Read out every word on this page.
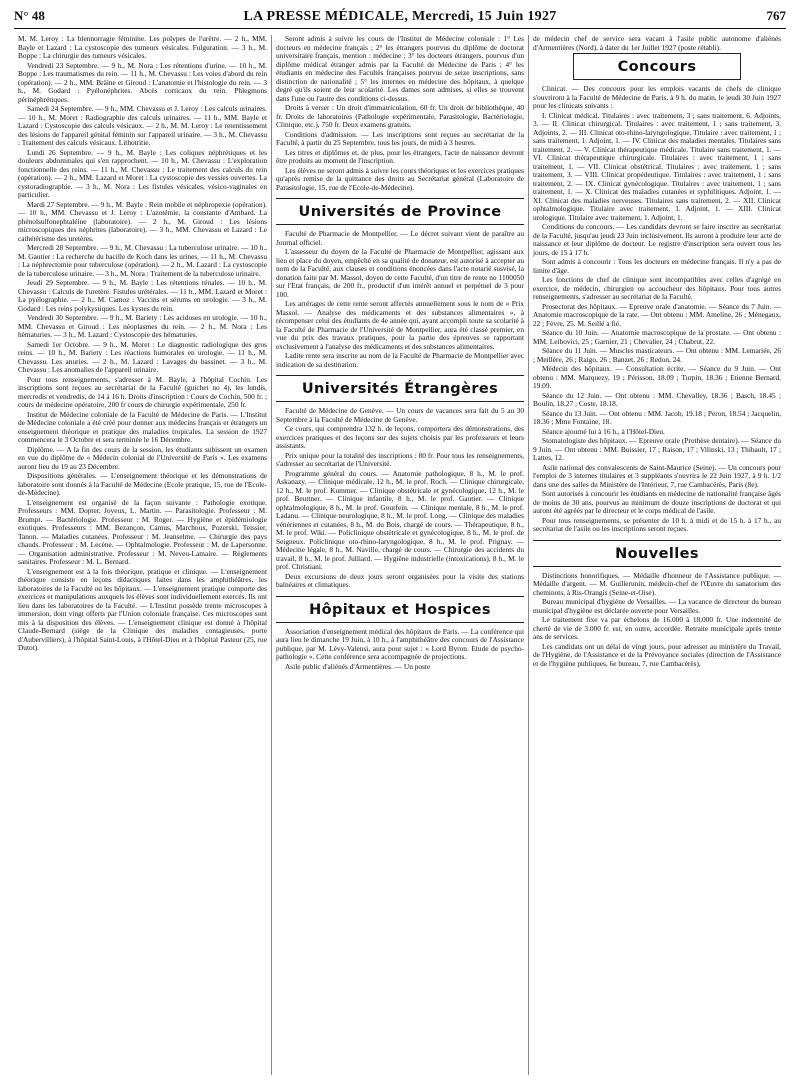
N° 48	LA PRESSE MÉDICALE, Mercredi, 15 Juin 1927	767

M. M. Leroy : La blennorragie féminine. Les polypes de l'urètre. — 2 h., MM. Bayle et Lazard : La cystoscopie des tumeurs vésicales. Fulguration. — 3 h., M. Boppe : La chirurgie des tumeurs vésicales.

Vendredi 23 Septembre. — 9 h., M. Nora : Les rétentions d'urine. — 10 h., M. Boppe : Les traumatismes du rein. — 11 h., M. Chevassu : Les voies d'abord du rein (opération). — 2 h., MM. Bräine et Giroud : L'anatomie et l'histologie du rein. — 3 h., M. Godard : Pyélonéphrites. Abcès corticaux du rein. Phlegmons périnéphrétiques.

Samedi 24 Septembre. — 9 h., MM. Chevassu et J. Leroy : Les calculs urinaires. — 10 h., M. Moret : Radiographie des calculs urinaires. — 11 h., MM. Bayle et Lazard : Cystoscopie des calculs vésicaux. — 2 h., M. M. Leroy : Le retentissement des lésions de l'appareil génital féminin sur l'appareil urinaire. — 3 h., M. Chevassu : Traitement des calculs vésicaux. Lithotritie.

Lundi 26 Septembre. — 9 h., M. Bayle : Les coliques néphrétiques et les douleurs abdominales qui s'en rapprochent. — 10 h., M. Chevassu : L'exploration fonctionnelle des reins. — 11 h., M. Chevassu : Le traitement des calculs du rein (opération). — 2 h., MM. Lazard et Moret : La cystoscopie des vessies ouvertes. La cystoradiographie. — 3 h., M. Nora : Les fistules vésicales, vésico-vaginales en particulier.

Mardi 27 Septembre. — 9 h., M. Bayle : Rein mobile et néphropexie (opération). — 10 h., MM. Chevassu et J. Leroy : L'azotémie, la constante d'Ambard. La phénolsulfonephtaléine (laboratoire). — 2 h., M. Giroud : Les lésions microscopiques des néphrites (laboratoire). — 3 h., MM. Chevassu et Lazard : Le cathétérisme des uretères.

Mercredi 28 Septembre. — 9 h., M. Chevassu : La tuberculose urinaire. — 10 h., M. Gautier : La recherche du bacille de Koch dans les urines. — 11 h., M. Chevassu : La néphrectomie pour tuberculose (opération). — 2 h., M. Lazard : La cystoscopie de la tuberculose urinaire. — 3 h., M. Nora : Traitement de la tuberculose urinaire.

Jeudi 29 Septembre. — 9 h., M. Bayle : Les rétentions rénales. — 10 h., M. Chevassu : Calculs de l'uretère. Fistules urétérales. — 11 h., MM. Lazard et Moret : La pyélographie. — 2 h., M. Camoz : Vaccins et sérums en urologie. — 3 h., M. Godard : Les reins polykystiques. Les kystes du rein.

Vendredi 30 Septembre. — 9 h., M. Bariety : Les acidoses en urologie. — 10 h., MM. Chevassu et Giroud : Les néoplasmes du rein. — 2 h., M. Nora : Les hématuries. — 3 h., M. Lazard : Cystoscopie des hématuries.

Samedi 1er Octobre. — 9 h., M. Moret : Le diagnostic radiologique des gros reins. — 10 h., M. Bariety : Les réactions humorales en urologie. — 11 h., M. Chevassu. Les anuries. — 2 h., M. Lazard : Lavages du bassinet. — 3 h., M. Chevassu : Les anomalies de l'appareil urinaire.

Pour tous renseignements, s'adresser à M. Bayle, à l'hôpital Cochin. Les inscriptions sont reçues au secrétariat de la Faculté (guichet no 4), les lundis, mercredis et vendredis, de 14 à 16 h. Droits d'inscription : Cours de Cochin, 500 fr. ; cours de médecine opératoire, 200 fr cours de chirurgie expérimentale, 250 fr.

Institut de Médecine coloniale de la Faculté de Médecine de Paris. — L'Institut de Médecine coloniale a été créé pour donner aux médecins français et étrangers un enseignement théorique et pratique des maladies tropicales. La session de 1927 commencera le 3 Octobre et sera terminée le 16 Décembre.

Diplôme. — A la fin des cours de la session, les étudiants subissent un examen en vue du diplôme de « Médecin colonial de l'Université de Paris ». Les examens auront lieu du 19 au 23 Décembre.

Dispositions générales. — L'enseignement théorique et les démonstrations de laboratoire sont donnés à la Faculté de Médecine (Ecole pratique, 15, rue de l'Ecole-de-Médecine).

L'enseignement est organisé de la façon suivante : Pathologie exotique. Professeurs : MM. Dopter, Joyeux, L. Martin. — Parasitologie. Professeur : M. Brumpt. — Bactériologie. Professeur : M. Roger. — Hygiène et épidémiologie exotiques. Professeurs : MM. Bezançon, Camus, Marchoux, Pozerski, Teissier, Tanon. — Maladies cutanées. Professeur : M. Jeanselme. — Chirurgie des pays chauds. Professeur : M. Lecène. — Ophtalmologie. Professeur : M. de Lapersonne. — Organisation administrative. Professeur : M. Neveu-Lamaire. — Règlements sanitaires. Professeur : M. L. Bernard.

L'enseignement est à la fois théorique, pratique et clinique. — L'enseignement théorique consiste en leçons didactiques faites dans les amphithéâtres, les laboratoires de la Faculté ou les hôpitaux. — L'enseignement pratique comporte des exercices et manipulations auxquels les élèves sont individuellement exercés. Ils ont lieu dans les laboratoires de la Faculté. — L'Institut possède trente microscopes à immersion, dont vingt offerts par l'Union coloniale française. Ces microscopes sont mis à la disposition des élèves. — L'enseignement clinique est donné à l'hôpital Claude-Bernard (siège de la Clinique des maladies contagieuses, porte d'Aubervilliers), à l'hôpital Saint-Louis, à l'Hôtel-Dieu et à l'hôpital Pasteur (25, rue Dutot).

Seront admis à suivre les cours de l'Institut de Médecine coloniale : 1° Les docteurs en médecine français ; 2° les étrangers pourvus du diplôme de doctorat universitaire français, mention : médecine ; 3° les docteurs étrangers, pourvus d'un diplôme médical étranger admis par la Faculté de Médecine de Paris ; 4° les étudiants en médecine des Facultés françaises pourvus de seize inscriptions, sans distinction de nationalité ; 5° les internes en médecine des hôpitaux, à quelque degré qu'ils soient de leur scolarité. Les dames sont admises, si elles se trouvent dans l'une ou l'autre des conditions ci-dessus.

Droits à verser : Un droit d'immatriculation, 60 fr. Un droit de bibliothèque, 40 fr. Droits de laboratoires (Pathologie expérimentale, Parasitologie, Bactériologie, Clinique, etc.), 750 fr. Deux examens gratuits.

Conditions d'admission. — Les inscriptions sont reçues au secrétariat de la Faculté, à partir du 25 Septembre, tous les jours, de midi à 3 heures.

Les titres et diplômes et, de plus, pour les étrangers, l'acte de naissance devront être produits au moment de l'inscription.

Les élèves ne seront admis à suivre les cours théoriques et les exercices pratiques qu'après remise de la quittance des droits au Secrétariat général (Laboratoire de Parasitologie, 15, rue de l'Ecole-de-Médecine).

Universités de Province

Faculté de Pharmacie de Montpellier. — Le décret suivant vient de paraître au Journal officiel.

L'assesseur du doyen de la Faculté de Pharmacie de Montpellier, agissant aux lieu et place du doyen, empêché en sa qualité de donateur, est autorisé à accepter au nom de la Faculté, aux clauses et conditions énoncées dans l'acte notarié susvisé, la donation faite par M. Massol, doyen de cette Faculté, d'un titre de rente no 1100050 sur l'Etat français, de 200 fr., productif d'un intérêt annuel et perpétuel de 3 pour 100.

Les arrérages de cette rente seront affectés annuellement sous le nom de « Prix Massol. — Analyse des médicaments et des substances alimentaires », à récompenser celui des étudiants de 4e année qui, ayant accompli toute sa scolarité à la Faculté de Pharmacie de l'Université de Montpellier, aura été classé premier, en vue du prix des travaux pratiques, pour la partie des épreuves se rapportant exclusivement à l'analyse des médicaments et des substances alimentaires.

Ladite rente sera inscrite au nom de la Faculté de Pharmacie de Montpellier avec indication de sa destination.

Universités Étrangères

Faculté de Médecine de Genève. — Un cours de vacances sera fait du 5 au 30 Septembre à la Faculté de Médecine de Genève.

Ce cours, qui comprendra 132 h. de leçons, comportera des démonstrations, des exercices pratiques et des leçons sur des sujets choisis par les professeurs et leurs assistants.

Prix unique pour la totalité des inscriptions : 80 fr. Pour tous les renseignements, s'adresser au secrétariat de l'Université.

Programme général du cours. — Anatomie pathologique, 8 h., M. le prof. Askanazy. — Clinique médicale, 12 h., M. le prof. Roch. — Clinique chirurgicale, 12 h., M. le prof. Kummer. — Clinique obstétricale et gynécologique, 12 h., M. le prof. Beuttner. — Clinique infantile, 8 h., M. le prof. Gautier. — Clinique ophtalmologique, 8 h., M. le prof. Gourfein. — Clinique mentale, 8 h., M. le prof. Ladanu. — Clinique neurologique, 8 h., M. le prof. Long. — Clinique des maladies vénériennes et cutanées, 8 h., M. du Bois, chargé de cours. — Thérapeutique, 8 h., M. le prof. Wiki. — Policlinique obstétricale et gynécologique, 8 h., M. le prof. de Seigneux. Policlinique oto-rhino-laryngologique, 8 h., M. le prof. Prignay. — Médecine légale, 8 h., M. Naville, chargé de cours. — Chirurgie des accidents du travail, 8 h., M. le prof. Julliard. — Hygiène industrielle (intoxications), 8 h., M. le prof. Christiani.

Deux excursions de deux jours seront organisées pour la visite des stations balnéaires et climatiques.

Hôpitaux et Hospices

Association d'enseignement médical des hôpitaux de Paris. — La conférence qui aura lieu le dimanche 19 Juin, à 10 h., à l'amphithéâtre des concours de l'Assistance publique, par M. Lévy-Valensi, aura pour sujet : « Lord Byron. Etude de psycho-pathologie ». Cette conférence sera accompagnée de projections.

Asile public d'aliénés d'Armentières. — Un poste

de médecin chef de service sera vacant à l'asile public autonome d'aliénés d'Armentières (Nord), à dater du 1er Juillet 1927 (poste rétabli).

Concours

Clinicat. — Des concours pour les emplois vacants de chefs de clinique s'ouvriront à la Faculté de Médecine de Paris, à 9 h. du matin, le jeudi 30 Juin 1927 pour les clinicats suivants :

I. Clinicat médical. Titulaires : avec traitement, 3 ; sans traitement, 6. Adjoints, 3. — II. Clinicat chirurgical. Titulaires : avec traitement, 1 ; sans traitement, 3. Adjoints, 2. — III. Clinicat oto-rhino-laryngologique. Titulaire : avec traitement, 1 ; sans traitement, 1. Adjoint, 1. — IV. Clinicat des maladies mentales. Titulaires sans traitement, 2. — V. Clinicat thérapeutique médicale. Titulaire sans traitement, 1. — VI. Clinicat thérapeutique chirurgicale. Titulaires : avec traitement, 1 ; sans traitement, 1. — VII. Clinicat obstétrical. Titulaires : avec traitement, 1 ; sans traitement, 3. — VIII. Clinicat propédeutique. Titulaires : avec traitement, 1 ; sans traitement, 2. — IX. Clinicat gynécologique. Titulaires : avec traitement, 1 ; sans traitement, 1. — X. Clinicat des maladies cutanées et syphilitiques. Adjoint, 1. — XI. Clinicat des maladies nerveuses. Titulaires sans traitement, 2. — XII. Clinicat ophtalmologique. Titulaire avec traitement, 1. Adjoint, 1. — XIII. Clinicat urologique. Titulaire avec traitement, 1. Adjoint, 1.

Conditions du concours. — Les candidats devront se faire inscrire au secrétariat de la Faculté, jusqu'au jeudi 23 Juin inclusivement. Ils auront à produire leur acte de naissance et leur diplôme de docteur. Le registre d'inscription sera ouvert tous les jours, de 15 à 17 h.

Sont admis à concourir : Tous les docteurs en médecine français. Il n'y a pas de limite d'âge.

Les fonctions de chef de clinique sont incompatibles avec celles d'agrégé en exercice, de médecin, chirurgien ou accoucheur des hôpitaux. Pour tous autres renseignements, s'adresser au secrétariat de la Faculté.

Prosectorat des hôpitaux. — Epreuve orale d'anatomie. — Séance du 7 Juin. — Anatomie macroscopique de la rate. — Ont obtenu : MM. Ameline, 26 ; Ménegaux, 22 ; Fèvre, 25. M. Seillé a fié.

Séance du 10 Juin. — Anatomie macroscopique de la prostate. — Ont obtenu : MM. Leibovici, 25 ; Garnier, 21 ; Chevalier, 24 ; Chabrut, 22.

Séance du 11 Juin. — Muscles masticateurs. — Ont obtenu : MM. Lemariée, 26 ; Meillère, 26 ; Raigo, 26 ; Banzet, 26 ; Redon, 24.

Médecin des hôpitaux. — Consultation écrite. — Séance du 9 Juin. — Ont obtenu : MM. Marquezy, 19 ; Périsson, 18.09 ; Turpin, 18.36 ; Etienne Bernard, 19.09.

Séance du 12 Juin. — Ont obtenu : MM. Chevalley, 18.36 ; Basch, 18.45 ; Boulin, 18.27 ; Coste, 18.18.

Séance du 13 Juin. — Ont obtenu : MM. Jacob, 19.18 ; Peron, 18.54 ; Jacquelin, 18.36 ; Mme Fontaine, 18.

Séance ajourné lui à 16 h., à l'Hôtel-Dieu.

Stomatologiste des hôpitaux. — Epreuve orale (Prothèse dentaire). — Séance du 9 Juin. — Ont obtenu : MM. Boissier, 17 ; Raison, 17 ; Vilinski, 13 ; Thibault, 17 ; Lattes, 12.

Asile national des convalescents de Saint-Maurice (Seine). — Un concours pour l'emploi de 3 internes titulaires et 3 suppléants s'ouvrira le 22 Juin 1927, à 9 h. 1/2 dans une des salles du Ministère de l'Intérieur, 7, rue Cambacérès, Paris (8e).

Sont autorisés à concourir les étudiants en médecine de nationalité française âgés de moins de 30 ans, pourvus au minimum de douze inscriptions de doctorat et qui auront été agréés par le directeur et le corps médical de l'asile.

Pour tous renseignements, se présenter de 10 h. à midi et de 15 h. à 17 h., au secrétariat de l'asile ou les inscriptions seront reçues.

Nouvelles

Distinctions honorifiques. — Médaille d'honneur de l'Assistance publique. — Médaille d'argent. — M. Guillerunin, médecin-chef de l'Œuvre du sanatorium des cheminots, à Ris-Orangis (Seine-et-Oise).

Bureau municipal d'hygiène de Versailles. — La vacance de directeur du bureau municipal d'hygiène est déclarée ouverte pour Versailles.

Le traitement fixe va par échelons de 16.000 à 18.000 fr. Une indemnité de cherté de vie de 3.000 fr. est, en outre, accordée. Retraite municipale après trente ans de services.

Les candidats ont un délai de vingt jours, pour adresser au ministère du Travail, de l'Hygiène, de l'Assistance et de la Prévoyance sociales (direction de l'Assistance et de l'hygiène publiques, 6e bureau, 7, rue Cambacérès),
